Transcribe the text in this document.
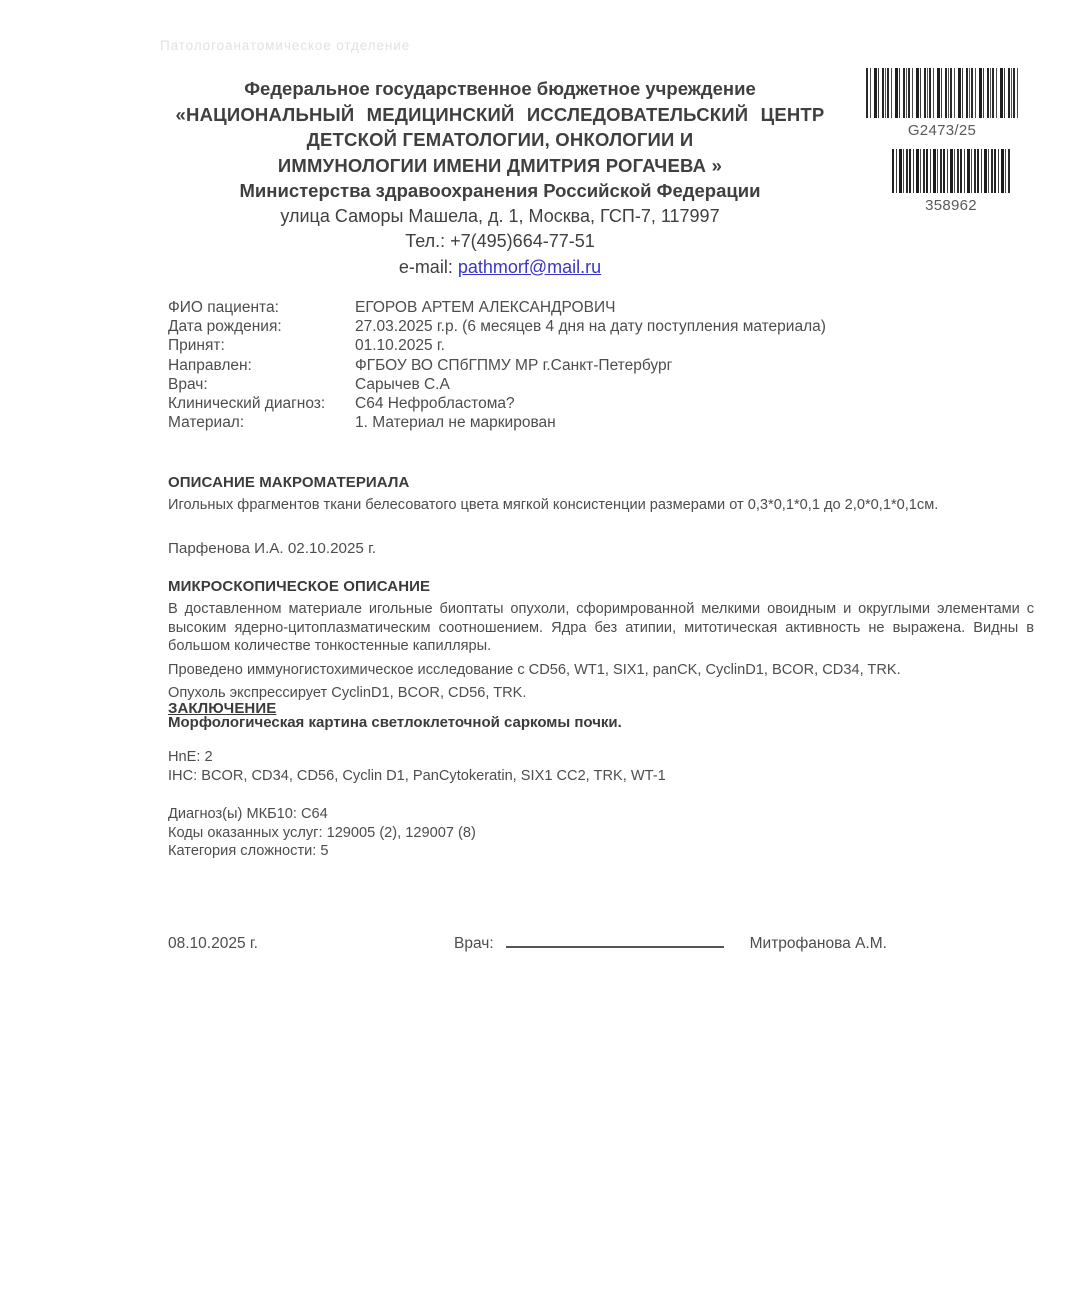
Патологоанатомическое отделение
Федеральное государственное бюджетное учреждение
«НАЦИОНАЛЬНЫЙ МЕДИЦИНСКИЙ ИССЛЕДОВАТЕЛЬСКИЙ ЦЕНТР
ДЕТСКОЙ ГЕМАТОЛОГИИ, ОНКОЛОГИИ И
ИММУНОЛОГИИ ИМЕНИ ДМИТРИЯ РОГАЧЕВА »
Министерства здравоохранения Российской Федерации
улица Саморы Машела, д. 1, Москва, ГСП-7, 117997
Тел.: +7(495)664-77-51
e-mail: pathmorf@mail.ru
G2473/25
358962
ФИО пациента:	ЕГОРОВ АРТЕМ АЛЕКСАНДРОВИЧ
Дата рождения:	27.03.2025 г.р. (6 месяцев 4 дня на дату поступления материала)
Принят:	01.10.2025 г.
Направлен:	ФГБОУ ВО СПбГПМУ МР г.Санкт-Петербург
Врач:	Сарычев С.А
Клинический диагноз:	C64 Нефробластома?
Материал:	1. Материал не маркирован
ОПИСАНИЕ МАКРОМАТЕРИАЛА
Игольных фрагментов ткани белесоватого цвета мягкой консистенции размерами от 0,3*0,1*0,1 до 2,0*0,1*0,1см.
Парфенова И.А. 02.10.2025 г.
МИКРОСКОПИЧЕСКОЕ ОПИСАНИЕ
В доставленном материале игольные биоптаты опухоли, сфоримрованной мелкими овоидным и округлыми элементами с высоким ядерно-цитоплазматическим соотношением. Ядра без атипии, митотическая активность не выражена. Видны в большом количестве тонкостенные капилляры.
Проведено иммуногистохимическое исследование с CD56, WT1, SIX1, panCK, CyclinD1, BCOR, CD34, TRK.
Опухоль экспрессирует CyclinD1, BCOR, CD56, TRK.
ЗАКЛЮЧЕНИЕ
Морфологическая картина светлоклеточной саркомы почки.
HnE: 2
IHC: BCOR, CD34, CD56, Cyclin D1, PanCytokeratin, SIX1 CC2, TRK, WT-1
Диагноз(ы) МКБ10: C64
Коды оказанных услуг: 129005 (2), 129007 (8)
Категория сложности: 5
08.10.2025 г.	Врач:	Митрофанова А.М.
